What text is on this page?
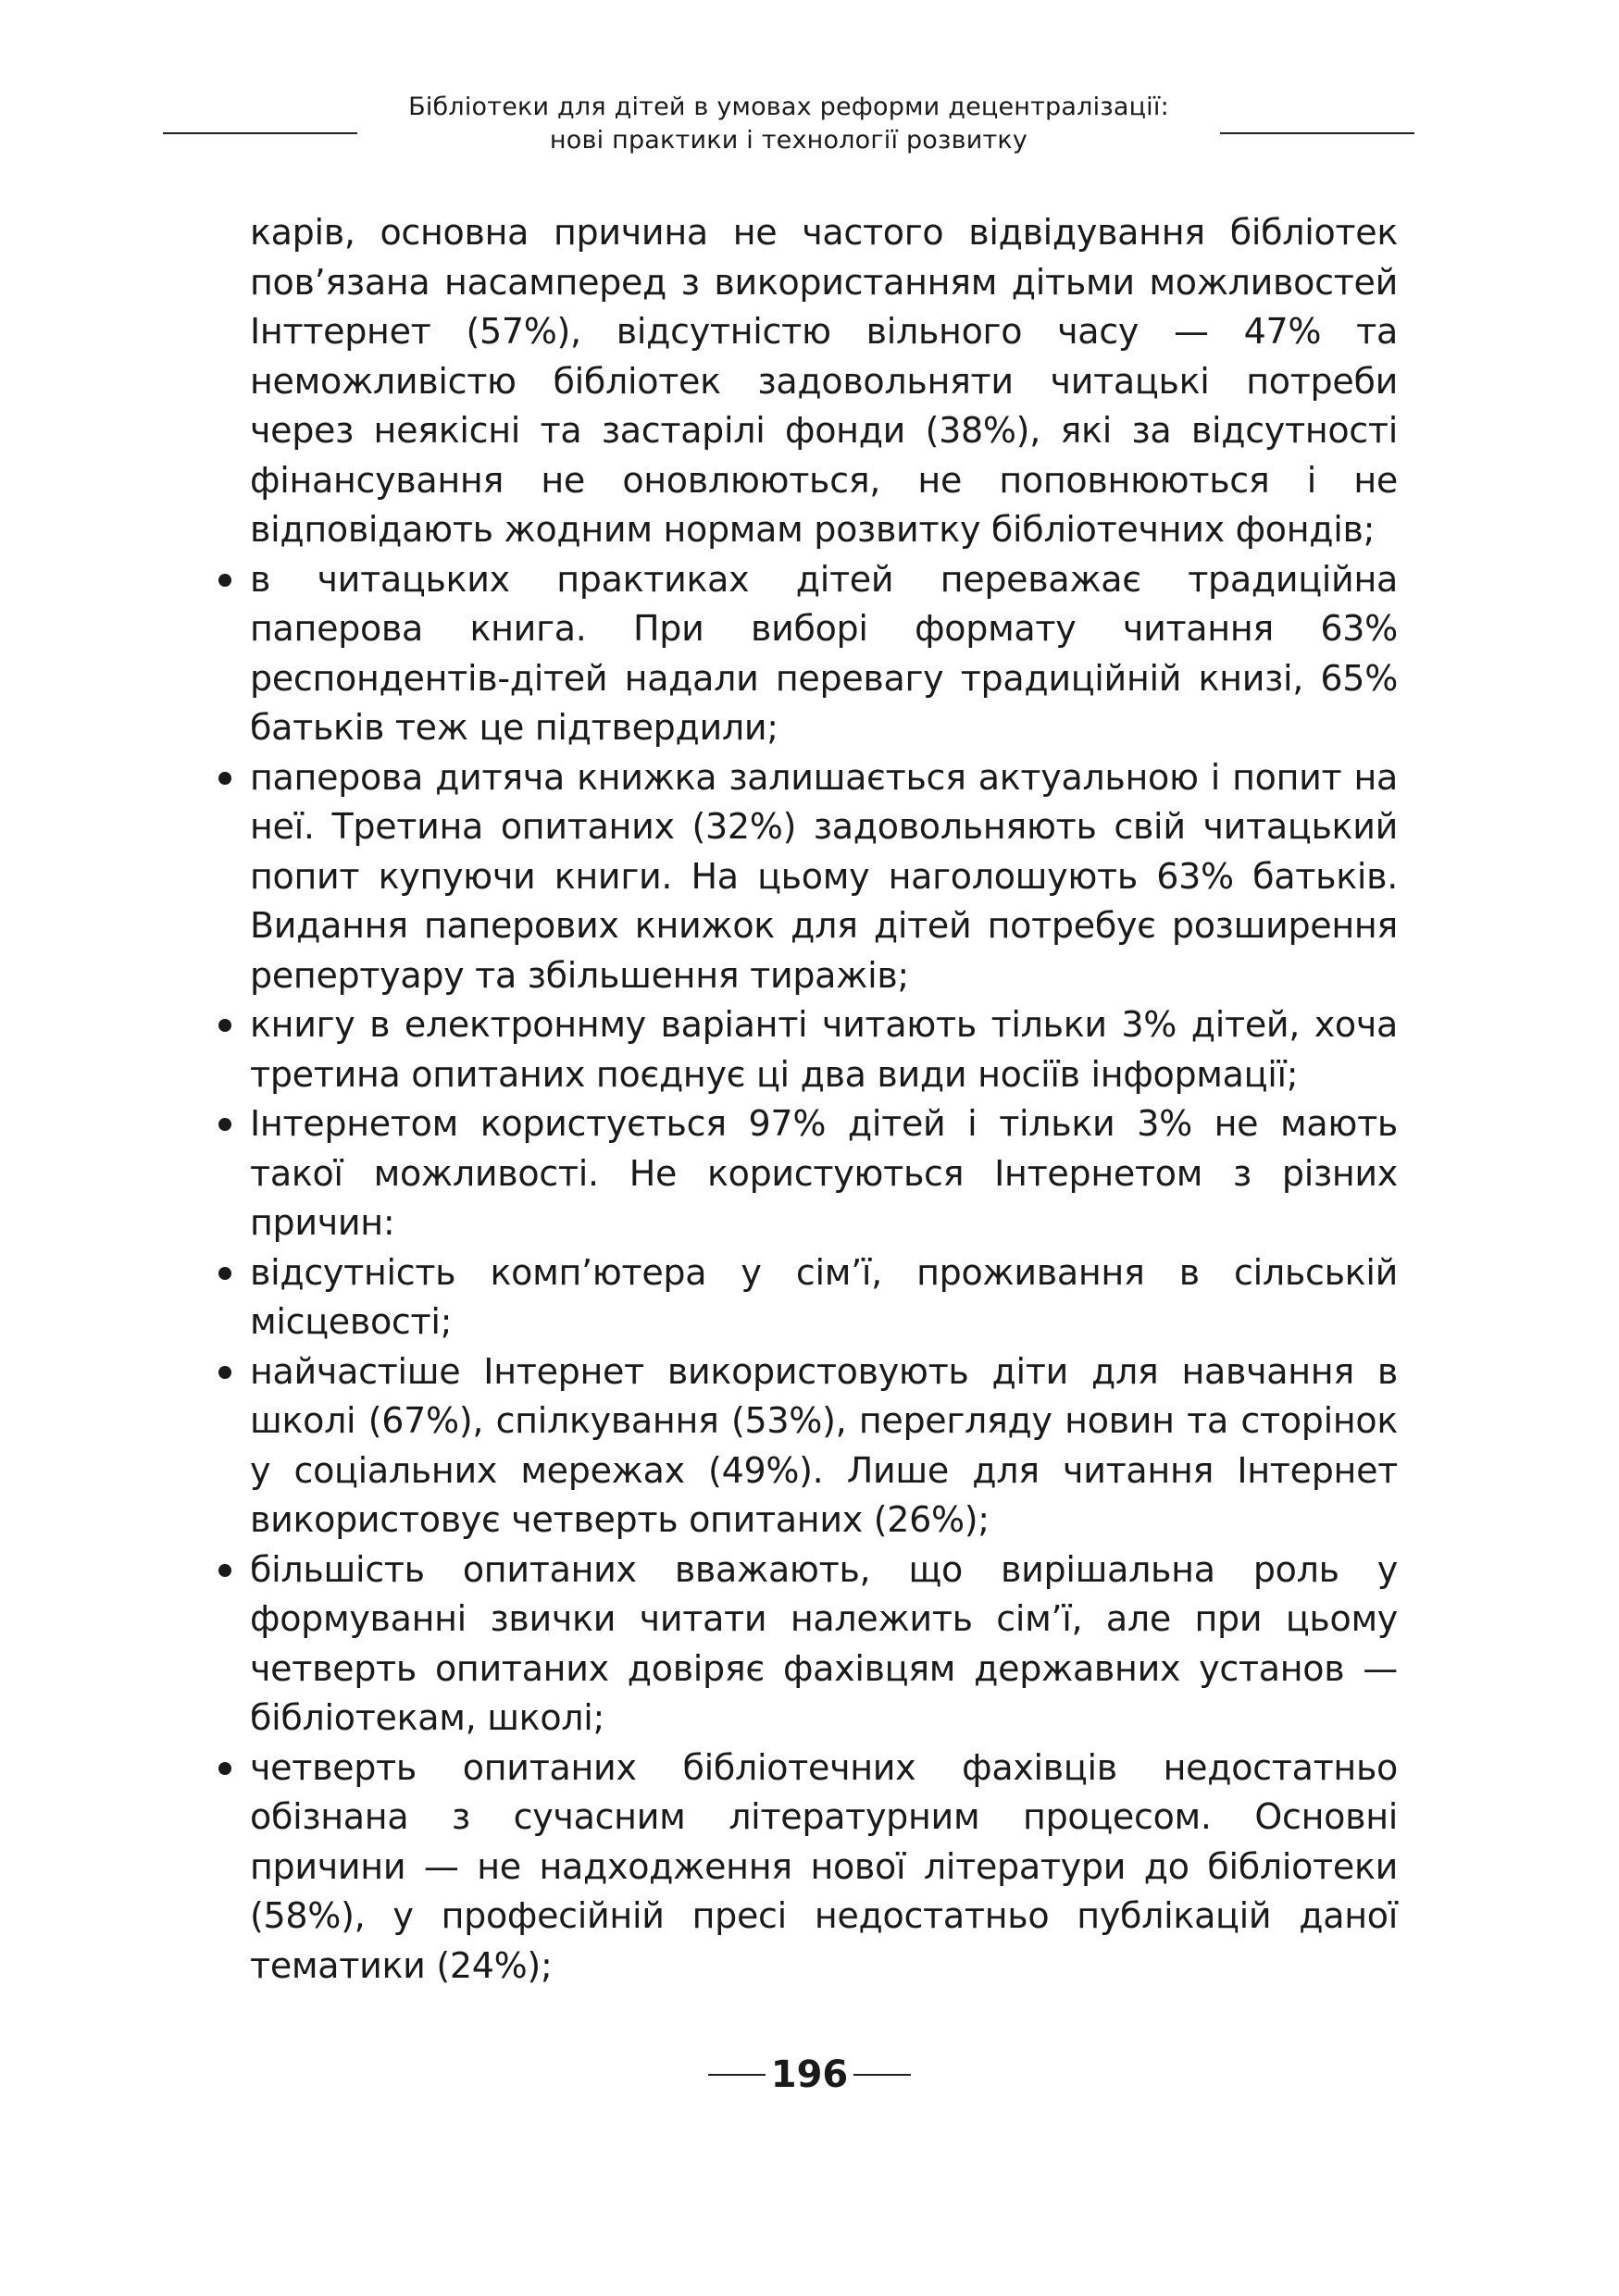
Бібліотеки для дітей в умовах реформи децентралізації:
нові практики і технології розвитку

карів, основна причина не частого відвідування бібліотек пов’язана насамперед з використанням дітьми можливостей Інттернет (57%), відсутністю вільного часу — 47% та неможливістю бібліотек задовольняти читацькі потреби через неякісні та застарілі фонди (38%), які за відсутності фінансування не оновлюються, не поповнюються і не відповідають жодним нормам розвитку бібліотечних фондів;

в читацьких практиках дітей переважає традиційна паперова книга. При виборі формату читання 63% респондентів-дітей надали перевагу традиційній книзі, 65% батьків теж це підтвердили;
паперова дитяча книжка залишається актуальною і попит на неї. Третина опитаних (32%) задовольняють свій читацький попит купуючи книги. На цьому наголошують 63% батьків. Видання паперових книжок для дітей потребує розширення репертуару та збільшення тиражів;
книгу в електроннму варіанті читають тільки 3% дітей, хоча третина опитаних поєднує ці два види носіїв інформації;
Інтернетом користується 97% дітей і тільки 3% не мають такої можливості. Не користуються Інтернетом з різних причин:
відсутність комп’ютера у сім’ї, проживання в сільській місцевості;
найчастіше Інтернет використовують діти для навчання в школі (67%), спілкування (53%), перегляду новин та сторінок у соціальних мережах (49%). Лише для читання Інтернет використовує четверть опитаних (26%);
більшість опитаних вважають, що вирішальна роль у формуванні звички читати належить сім’ї, але при цьому четверть опитаних довіряє фахівцям державних установ — бібліотекам, школі;
четверть опитаних бібліотечних фахівців недостатньо обізнана з сучасним літературним процесом. Основні причини — не надходження нової літератури до бібліотеки (58%), у професійній пресі недостатньо публікацій даної тематики (24%);
196
